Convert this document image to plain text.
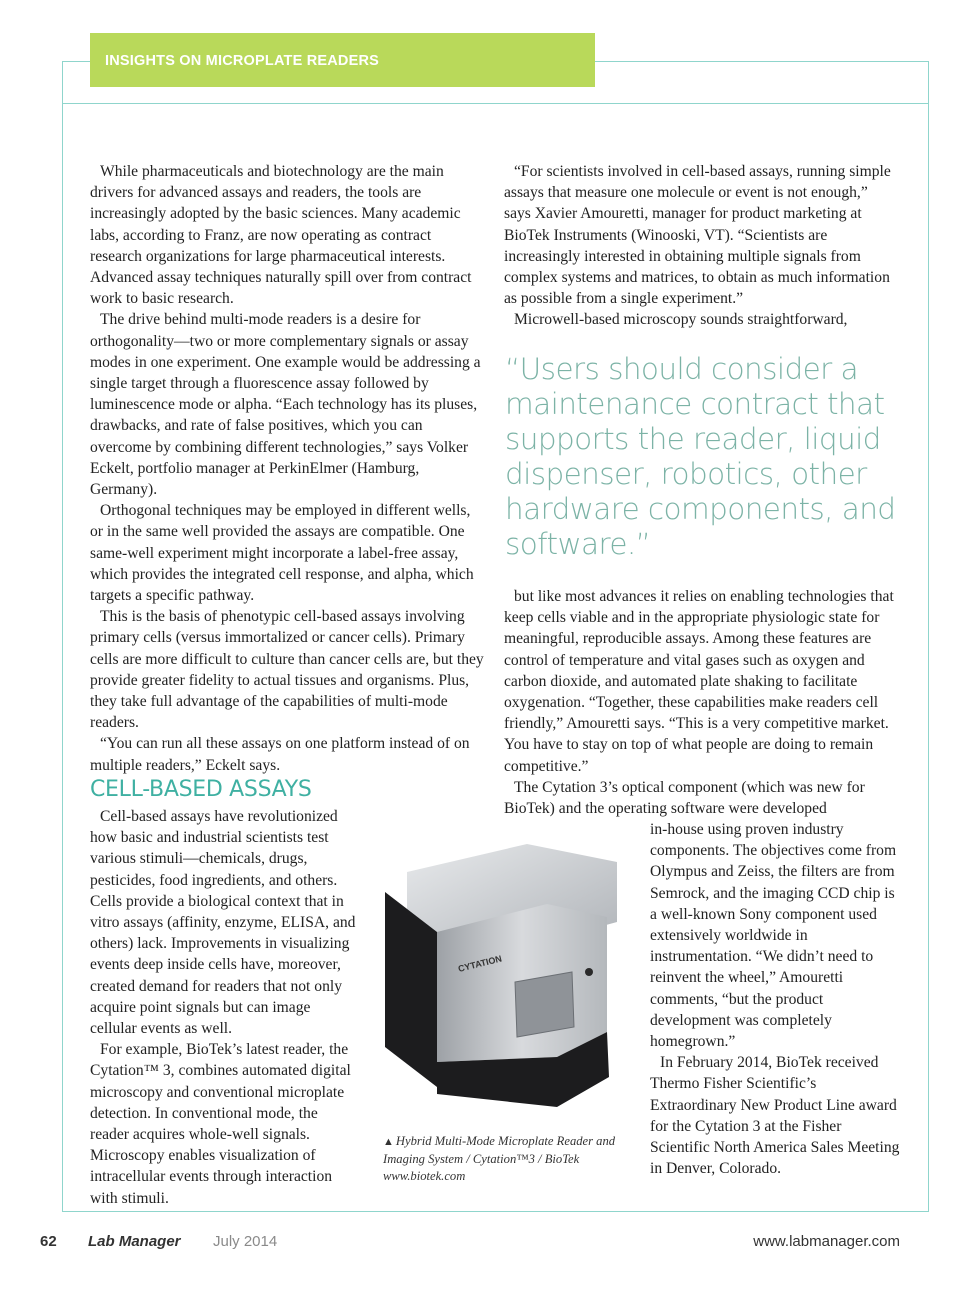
INSIGHTS ON MICROPLATE READERS

While pharmaceuticals and biotechnology are the main drivers for advanced assays and readers, the tools are increasingly adopted by the basic sciences. Many academic labs, according to Franz, are now operating as contract research organizations for large pharmaceutical interests. Advanced assay techniques naturally spill over from contract work to basic research.

The drive behind multi-mode readers is a desire for orthogonality—two or more complementary signals or assay modes in one experiment. One example would be addressing a single target through a fluorescence assay followed by luminescence mode or alpha. “Each technology has its pluses, drawbacks, and rate of false positives, which you can overcome by combining different technologies,” says Volker Eckelt, portfolio manager at PerkinElmer (Hamburg, Germany).

Orthogonal techniques may be employed in different wells, or in the same well provided the assays are compatible. One same-well experiment might incorporate a label-free assay, which provides the integrated cell response, and alpha, which targets a specific pathway.

This is the basis of phenotypic cell-based assays involving primary cells (versus immortalized or cancer cells). Primary cells are more difficult to culture than cancer cells are, but they provide greater fidelity to actual tissues and organisms. Plus, they take full advantage of the capabilities of multi-mode readers.

“You can run all these assays on one platform instead of on multiple readers,” Eckelt says.

CELL-BASED ASSAYS

Cell-based assays have revolutionized how basic and industrial scientists test various stimuli—chemicals, drugs, pesticides, food ingredients, and others. Cells provide a biological context that in vitro assays (affinity, enzyme, ELISA, and others) lack. Improvements in visualizing events deep inside cells have, moreover, created demand for readers that not only acquire point signals but can image cellular events as well.

For example, BioTek’s latest reader, the Cytation™ 3, combines automated digital microscopy and conventional microplate detection. In conventional mode, the reader acquires whole-well signals. Microscopy enables visualization of intracellular events through interaction with stimuli.

“For scientists involved in cell-based assays, running simple assays that measure one molecule or event is not enough,” says Xavier Amouretti, manager for product marketing at BioTek Instruments (Winooski, VT). “Scientists are increasingly interested in obtaining multiple signals from complex systems and matrices, to obtain as much information as possible from a single experiment.”

Microwell-based microscopy sounds straightforward,

“Users should consider a maintenance contract that supports the reader, liquid dispenser, robotics, other hardware components, and software.”

but like most advances it relies on enabling technologies that keep cells viable and in the appropriate physiologic state for meaningful, reproducible assays. Among these features are control of temperature and vital gases such as oxygen and carbon dioxide, and automated plate shaking to facilitate oxygenation. “Together, these capabilities make readers cell friendly,” Amouretti says. “This is a very competitive market. You have to stay on top of what people are doing to remain competitive.”

The Cytation 3’s optical component (which was new for BioTek) and the operating software were developed

in-house using proven industry components. The objectives come from Olympus and Zeiss, the filters are from Semrock, and the imaging CCD chip is a well-known Sony component used extensively worldwide in instrumentation. “We didn’t need to reinvent the wheel,” Amouretti comments, “but the product development was completely homegrown.”

In February 2014, BioTek received Thermo Fisher Scientific’s Extraordinary New Product Line award for the Cytation 3 at the Fisher Scientific North America Sales Meeting in Denver, Colorado.

CYTATION
▲ Hybrid Multi-Mode Microplate Reader and Imaging System / Cytation™3 / BioTek www.biotek.com
62 Lab Manager July 2014	www.labmanager.com
